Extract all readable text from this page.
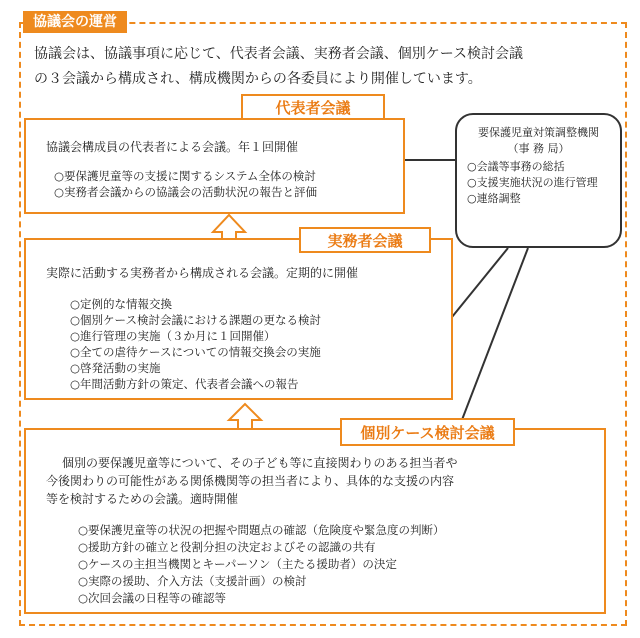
協議会の運営
協議会は、協議事項に応じて、代表者会議、実務者会議、個別ケース検討会議
の３会議から構成され、構成機関からの各委員により開催しています。
協議会構成員の代表者による会議。年１回開催
○要保護児童等の支援に関するシステム全体の検討
○実務者会議からの協議会の活動状況の報告と評価
代表者会議
実際に活動する実務者から構成される会議。定期的に開催
○定例的な情報交換
○個別ケース検討会議における課題の更なる検討
○進行管理の実施（３か月に１回開催）
○全ての虐待ケースについての情報交換会の実施
○啓発活動の実施
○年間活動方針の策定、代表者会議への報告
実務者会議
個別の要保護児童等について、その子ども等に直接関わりのある担当者や
今後関わりの可能性がある関係機関等の担当者により、具体的な支援の内容
等を検討するための会議。適時開催
○要保護児童等の状況の把握や問題点の確認（危険度や緊急度の判断）
○援助方針の確立と役割分担の決定およびその認識の共有
○ケースの主担当機関とキーパーソン（主たる援助者）の決定
○実際の援助、介入方法（支援計画）の検討
○次回会議の日程等の確認等
個別ケース検討会議
要保護児童対策調整機関
（事 務 局）
○会議等事務の総括
○支援実施状況の進行管理
○連絡調整
